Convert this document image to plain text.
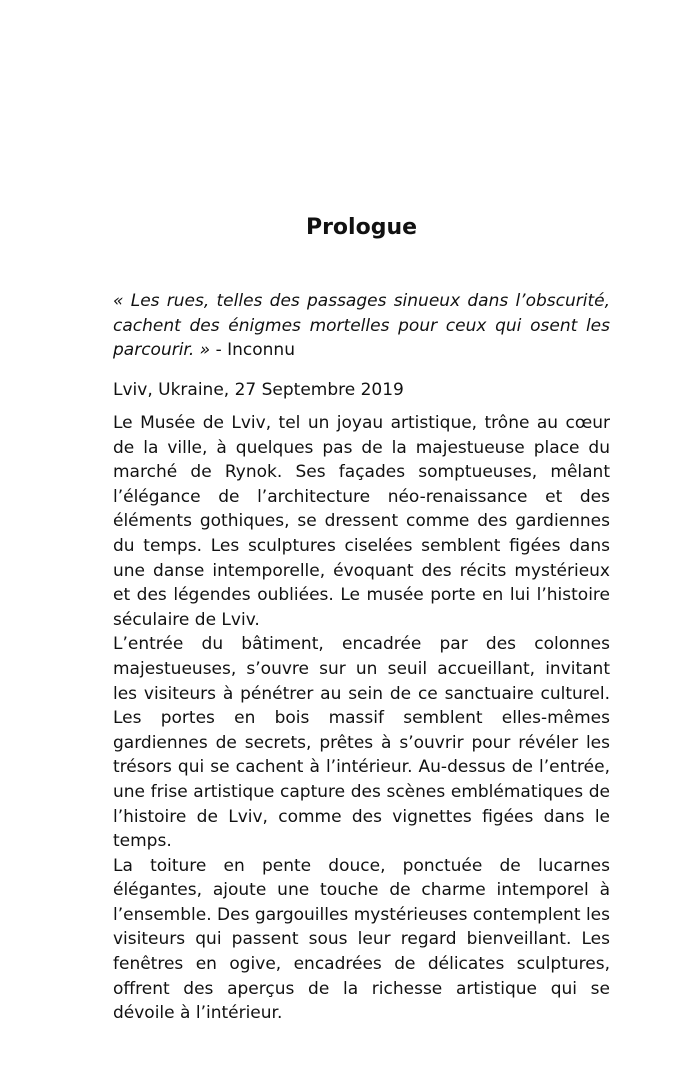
Prologue

« Les rues, telles des passages sinueux dans l’obscurité, cachent des énigmes mortelles pour ceux qui osent les parcourir. » - Inconnu

Lviv, Ukraine, 27 Septembre 2019

Le Musée de Lviv, tel un joyau artistique, trône au cœur de la ville, à quelques pas de la majestueuse place du marché de Rynok. Ses façades somptueuses, mêlant l’élégance de l’architecture néo-renaissance et des éléments gothiques, se dressent comme des gardiennes du temps. Les sculptures ciselées semblent figées dans une danse intemporelle, évoquant des récits mystérieux et des légendes oubliées. Le musée porte en lui l’histoire séculaire de Lviv.

L’entrée du bâtiment, encadrée par des colonnes majestueuses, s’ouvre sur un seuil accueillant, invitant les visiteurs à pénétrer au sein de ce sanctuaire culturel. Les portes en bois massif semblent elles-mêmes gardiennes de secrets, prêtes à s’ouvrir pour révéler les trésors qui se cachent à l’intérieur. Au-dessus de l’entrée, une frise artistique capture des scènes emblématiques de l’histoire de Lviv, comme des vignettes figées dans le temps.

La toiture en pente douce, ponctuée de lucarnes élégantes, ajoute une touche de charme intemporel à l’ensemble. Des gargouilles mystérieuses contemplent les visiteurs qui passent sous leur regard bienveillant. Les fenêtres en ogive, encadrées de délicates sculptures, offrent des aperçus de la richesse artistique qui se dévoile à l’intérieur.
